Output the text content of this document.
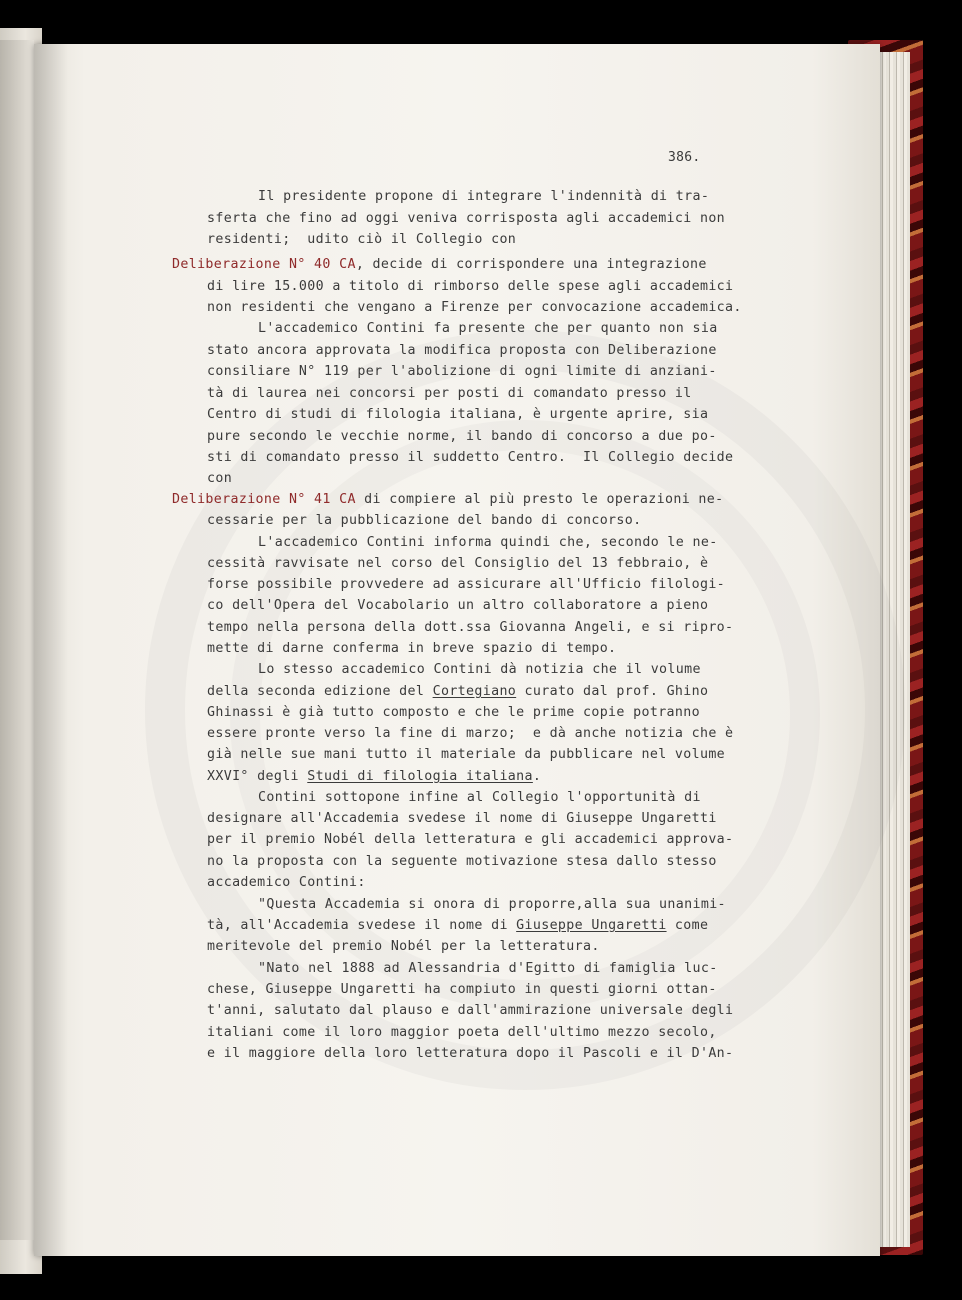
386.
Il presidente propone di integrare l'indennità di tra-
sferta che fino ad oggi veniva corrisposta agli accademici non
residenti;  udito ciò il Collegio con
Deliberazione N° 40 CA, decide di corrispondere una integrazione
di lire 15.000 a titolo di rimborso delle spese agli accademici
non residenti che vengano a Firenze per convocazione accademica.
L'accademico Contini fa presente che per quanto non sia
stato ancora approvata la modifica proposta con Deliberazione
consiliare N° 119 per l'abolizione di ogni limite di anziani-
tà di laurea nei concorsi per posti di comandato presso il
Centro di studi di filologia italiana, è urgente aprire, sia
pure secondo le vecchie norme, il bando di concorso a due po-
sti di comandato presso il suddetto Centro.  Il Collegio decide
con
Deliberazione N° 41 CA di compiere al più presto le operazioni ne-
cessarie per la pubblicazione del bando di concorso.
L'accademico Contini informa quindi che, secondo le ne-
cessità ravvisate nel corso del Consiglio del 13 febbraio, è
forse possibile provvedere ad assicurare all'Ufficio filologi-
co dell'Opera del Vocabolario un altro collaboratore a pieno
tempo nella persona della dott.ssa Giovanna Angeli, e si ripro-
mette di darne conferma in breve spazio di tempo.
Lo stesso accademico Contini dà notizia che il volume
della seconda edizione del Cortegiano curato dal prof. Ghino
Ghinassi è già tutto composto e che le prime copie potranno
essere pronte verso la fine di marzo;  e dà anche notizia che è
già nelle sue mani tutto il materiale da pubblicare nel volume
XXVI° degli Studi di filologia italiana.
Contini sottopone infine al Collegio l'opportunità di
designare all'Accademia svedese il nome di Giuseppe Ungaretti
per il premio Nobél della letteratura e gli accademici approva-
no la proposta con la seguente motivazione stesa dallo stesso
accademico Contini:
"Questa Accademia si onora di proporre,alla sua unanimi-
tà, all'Accademia svedese il nome di Giuseppe Ungaretti come
meritevole del premio Nobél per la letteratura.
"Nato nel 1888 ad Alessandria d'Egitto di famiglia luc-
chese, Giuseppe Ungaretti ha compiuto in questi giorni ottan-
t'anni, salutato dal plauso e dall'ammirazione universale degli
italiani come il loro maggior poeta dell'ultimo mezzo secolo,
e il maggiore della loro letteratura dopo il Pascoli e il D'An-
